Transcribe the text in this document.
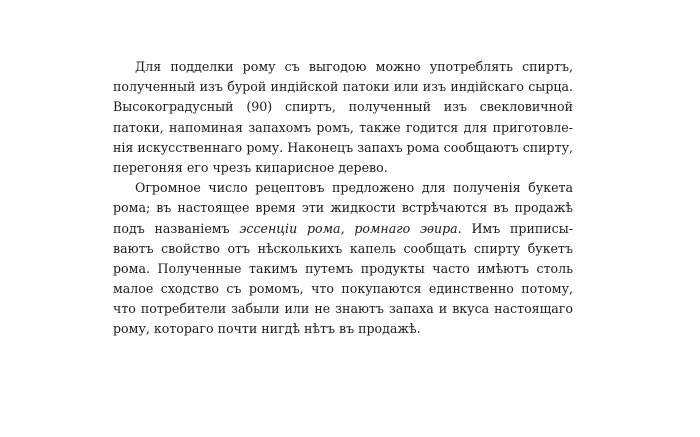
Для подделки рому съ выгодою можно употреблять спиртъ,
полученный изъ бурой индійской патоки или изъ индійскаго сырца.
Высокоградусный (90) спиртъ, полученный изъ свекловичной
патоки, напоминая запахомъ ромъ, также годится для приготовле-
нія искусственнаго рому. Наконецъ запахъ рома сообщаютъ спирту,
перегоняя его чрезъ кипарисное дерево.
Огромное число рецептовъ предложено для полученія букета
рома; въ настоящее время эти жидкости встрѣчаются въ продажѣ
подъ названіемъ эссенціи рома, ромнаго эѳира. Имъ приписы-
ваютъ свойство отъ нѣсколькихъ капель сообщать спирту букетъ
рома. Полученные такимъ путемъ продукты часто имѣютъ столь
малое сходство съ ромомъ, что покупаются единственно потому,
что потребители забыли или не знаютъ запаха и вкуса настоящаго
рому, котораго почти нигдѣ нѣтъ въ продажѣ.
